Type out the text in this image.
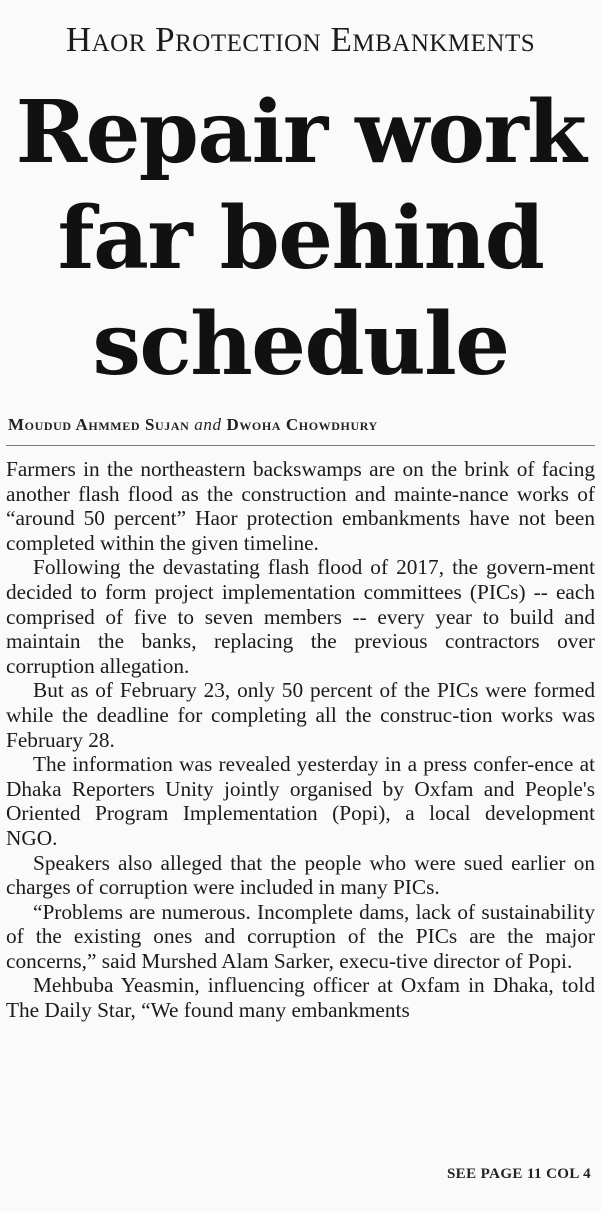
Haor Protection Embankments
Repair work
far behind
schedule
Moudud Ahmmed Sujan and Dwoha Chowdhury

Farmers in the northeastern backswamps are on the brink of facing another flash flood as the construction and mainte-nance works of “around 50 percent” Haor protection embankments have not been completed within the given timeline.

Following the devastating flash flood of 2017, the govern-ment decided to form project implementation committees (PICs) -- each comprised of five to seven members -- every year to build and maintain the banks, replacing the previous contractors over corruption allegation.

But as of February 23, only 50 percent of the PICs were formed while the deadline for completing all the construc-tion works was February 28.

The information was revealed yesterday in a press confer-ence at Dhaka Reporters Unity jointly organised by Oxfam and People's Oriented Program Implementation (Popi), a local development NGO.

Speakers also alleged that the people who were sued earlier on charges of corruption were included in many PICs.

“Problems are numerous. Incomplete dams, lack of sustainability of the existing ones and corruption of the PICs are the major concerns,” said Murshed Alam Sarker, execu-tive director of Popi.

Mehbuba Yeasmin, influencing officer at Oxfam in Dhaka, told The Daily Star, “We found many embankments

SEE PAGE 11 COL 4
